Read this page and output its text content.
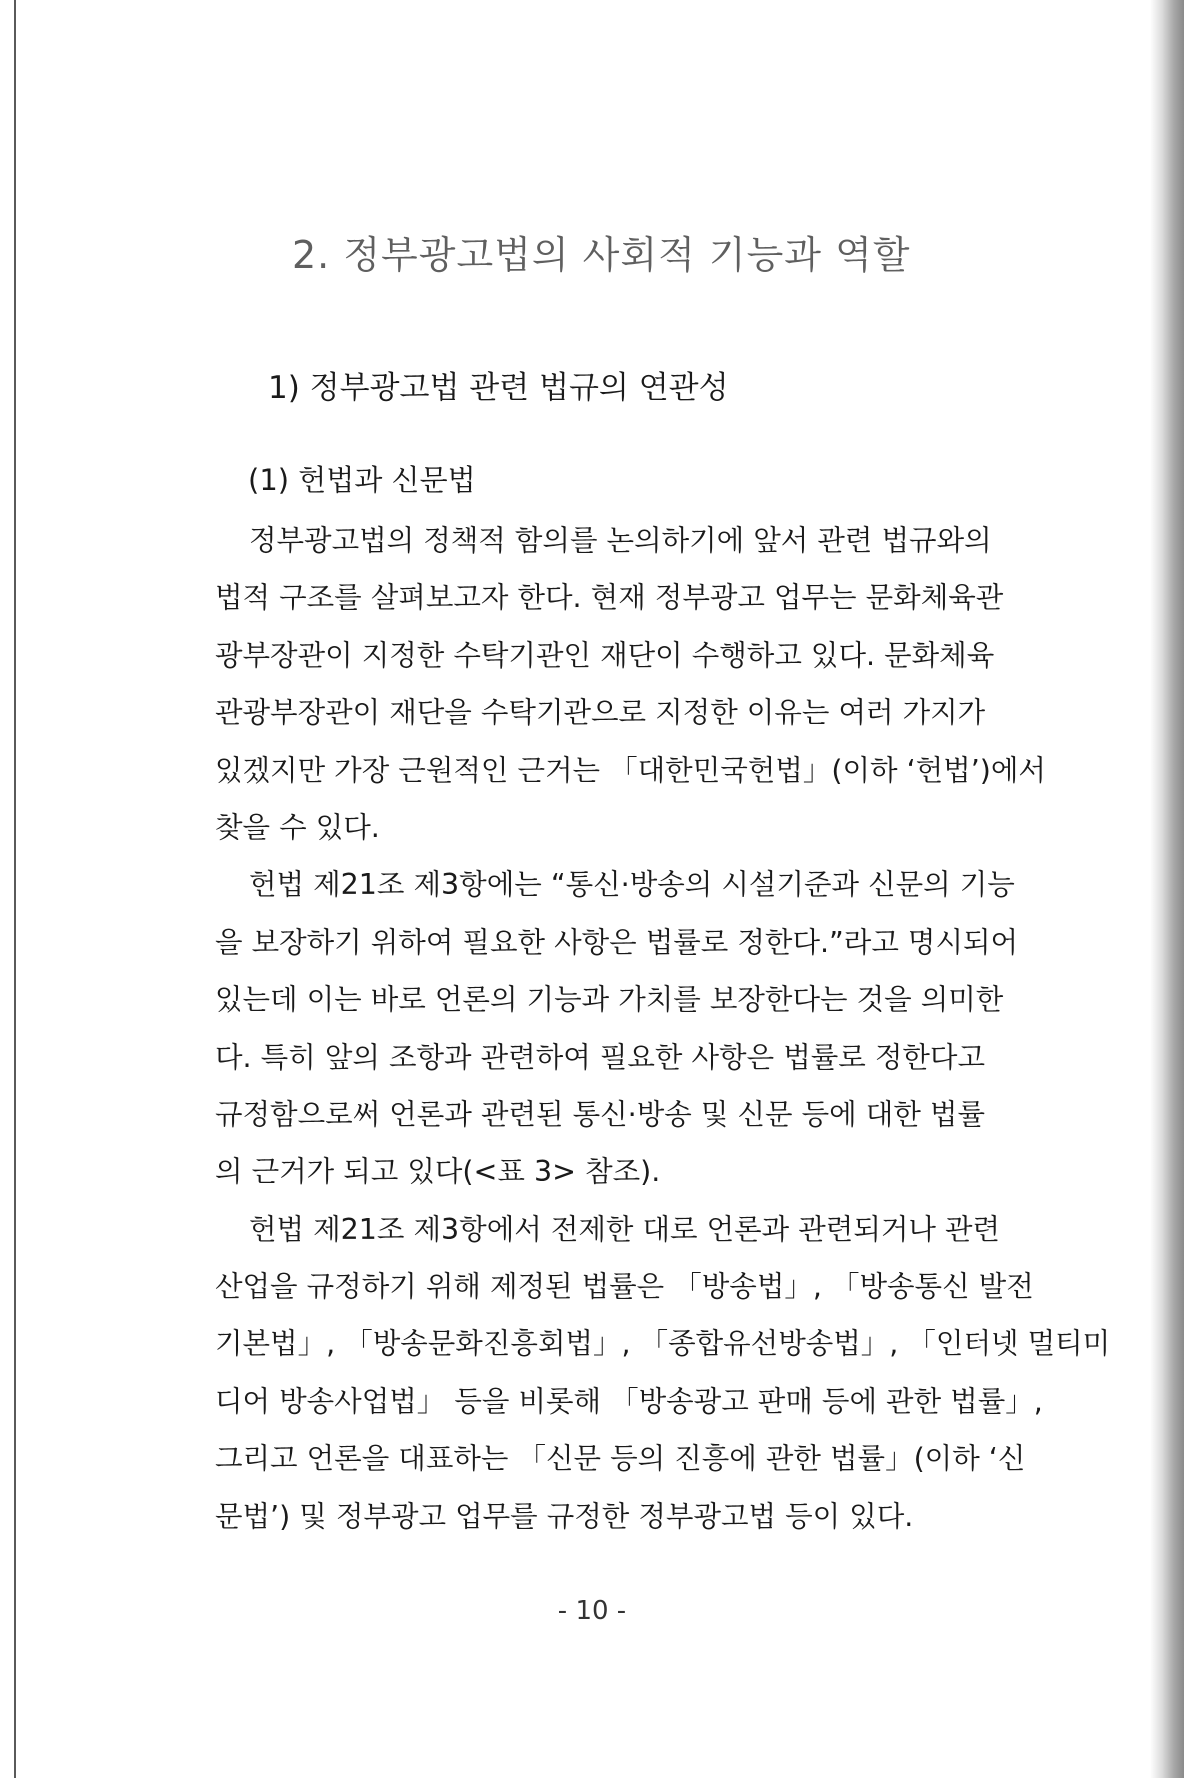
2. 정부광고법의 사회적 기능과 역할
1) 정부광고법 관련 법규의 연관성
(1) 헌법과 신문법

정부광고법의 정책적 함의를 논의하기에 앞서 관련 법규와의
법적 구조를 살펴보고자 한다. 현재 정부광고 업무는 문화체육관
광부장관이 지정한 수탁기관인 재단이 수행하고 있다. 문화체육
관광부장관이 재단을 수탁기관으로 지정한 이유는 여러 가지가
있겠지만 가장 근원적인 근거는 「대한민국헌법」(이하 ‘헌법’)에서
찾을 수 있다.

헌법 제21조 제3항에는 “통신·방송의 시설기준과 신문의 기능
을 보장하기 위하여 필요한 사항은 법률로 정한다.”라고 명시되어
있는데 이는 바로 언론의 기능과 가치를 보장한다는 것을 의미한
다. 특히 앞의 조항과 관련하여 필요한 사항은 법률로 정한다고
규정함으로써 언론과 관련된 통신·방송 및 신문 등에 대한 법률
의 근거가 되고 있다(<표 3> 참조).

헌법 제21조 제3항에서 전제한 대로 언론과 관련되거나 관련
산업을 규정하기 위해 제정된 법률은 「방송법」, 「방송통신 발전
기본법」, 「방송문화진흥회법」, 「종합유선방송법」, 「인터넷 멀티미
디어 방송사업법」 등을 비롯해 「방송광고 판매 등에 관한 법률」,
그리고 언론을 대표하는 「신문 등의 진흥에 관한 법률」(이하 ‘신
문법’) 및 정부광고 업무를 규정한 정부광고법 등이 있다.

- 10 -
